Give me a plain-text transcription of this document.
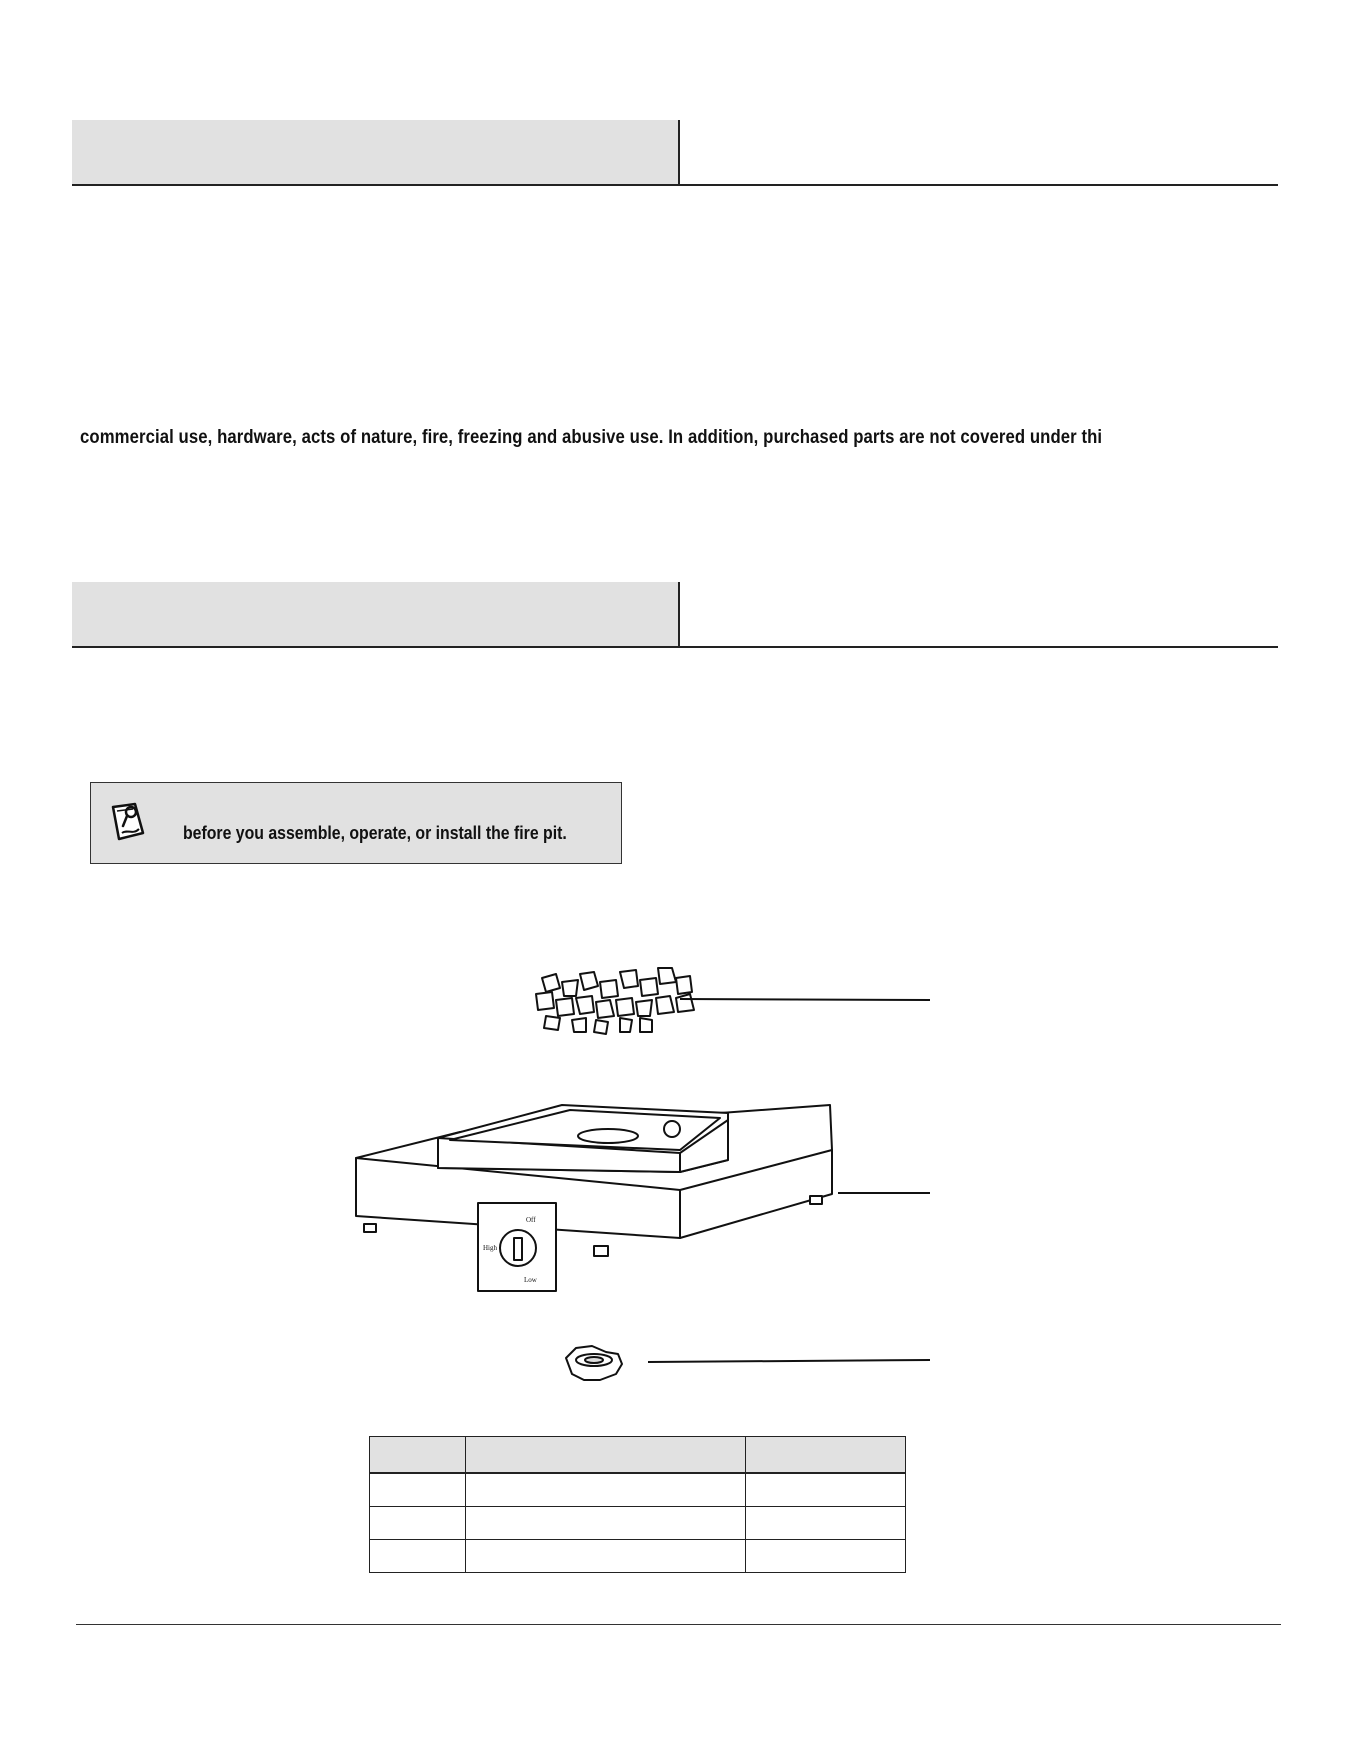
commercial use, hardware, acts of nature, fire, freezing and abusive use. In addition, purchased parts are not covered under thi
before you assemble, operate, or install the fire pit.
High
Low
Off
